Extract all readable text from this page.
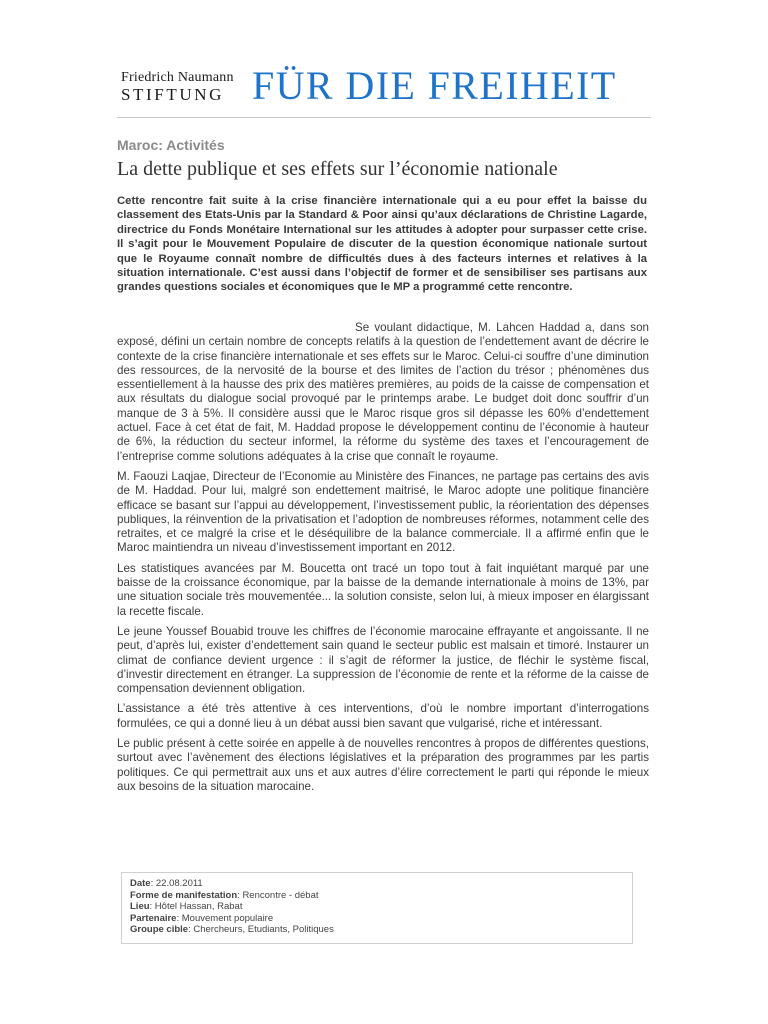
Friedrich Naumann
STIFTUNG FÜR DIE FREIHEIT
Maroc: Activités
La dette publique et ses effets sur l’économie nationale

Cette rencontre fait suite à la crise financière internationale qui a eu pour effet la baisse du classement des Etats-Unis par la Standard & Poor ainsi qu’aux déclarations de Christine Lagarde, directrice du Fonds Monétaire International sur les attitudes à adopter pour surpasser cette crise. Il s’agit pour le Mouvement Populaire de discuter de la question économique nationale surtout que le Royaume connaît nombre de difficultés dues à des facteurs internes et relatives à la situation internationale. C’est aussi dans l’objectif de former et de sensibiliser ses partisans aux grandes questions sociales et économiques que le MP a programmé cette rencontre.

Se voulant didactique, M. Lahcen Haddad a, dans son exposé, défini un certain nombre de concepts relatifs à la question de l’endettement avant de décrire le contexte de la crise financière internationale et ses effets sur le Maroc. Celui-ci souffre d’une diminution des ressources, de la nervosité de la bourse et des limites de l’action du trésor ; phénomènes dus essentiellement à la hausse des prix des matières premières, au poids de la caisse de compensation et aux résultats du dialogue social provoqué par le printemps arabe. Le budget doit donc souffrir d’un manque de 3 à 5%. Il considère aussi que le Maroc risque gros sil dépasse les 60% d’endettement actuel. Face à cet état de fait, M. Haddad propose le développement continu de l’économie à hauteur de 6%, la réduction du secteur informel, la réforme du système des taxes et l’encouragement de l’entreprise comme solutions adéquates à la crise que connaît le royaume.

M. Faouzi Laqjae, Directeur de l’Economie au Ministère des Finances, ne partage pas certains des avis de M. Haddad. Pour lui, malgré son endettement maitrisé, le Maroc adopte une politique financière efficace se basant sur l’appui au développement, l’investissement public, la réorientation des dépenses publiques, la réinvention de la privatisation et l’adoption de nombreuses réformes, notamment celle des retraites, et ce malgré la crise et le déséquilibre de la balance commerciale. Il a affirmé enfin que le Maroc maintiendra un niveau d’investissement important en 2012.

Les statistiques avancées par M. Boucetta ont tracé un topo tout à fait inquiétant marqué par une baisse de la croissance économique, par la baisse de la demande internationale à moins de 13%, par une situation sociale très mouvementée... la solution consiste, selon lui, à mieux imposer en élargissant la recette fiscale.

Le jeune Youssef Bouabid trouve les chiffres de l’économie marocaine effrayante et angoissante. Il ne peut, d’après lui, exister d’endettement sain quand le secteur public est malsain et timoré. Instaurer un climat de confiance devient urgence : il s’agit de réformer la justice, de fléchir le système fiscal, d’investir directement en étranger. La suppression de l’économie de rente et la réforme de la caisse de compensation deviennent obligation.

L’assistance a été très attentive à ces interventions, d’où le nombre important d’interrogations formulées, ce qui a donné lieu à un débat aussi bien savant que vulgarisé, riche et intéressant.

Le public présent à cette soirée en appelle à de nouvelles rencontres à propos de différentes questions, surtout avec l’avènement des élections législatives et la préparation des programmes par les partis politiques. Ce qui permettrait aux uns et aux autres d’élire correctement le parti qui réponde le mieux aux besoins de la situation marocaine.

Date: 22.08.2011
Forme de manifestation: Rencontre - débat
Lieu: Hôtel Hassan, Rabat
Partenaire: Mouvement populaire
Groupe cible: Chercheurs, Etudiants, Politiques
